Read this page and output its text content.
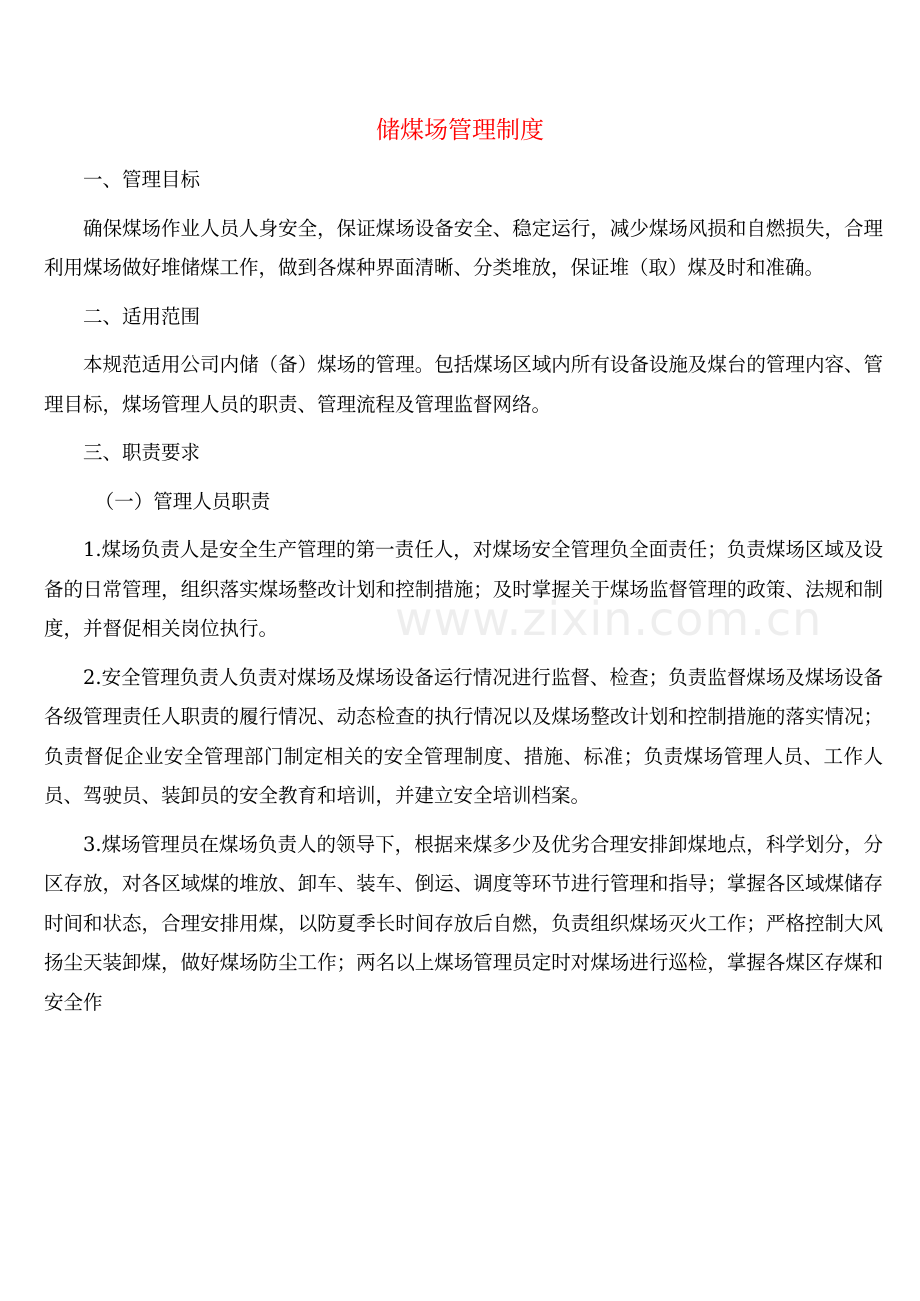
储煤场管理制度

一、管理目标

确保煤场作业人员人身安全，保证煤场设备安全、稳定运行，减少煤场风损和自燃损失，合理利用煤场做好堆储煤工作，做到各煤种界面清晰、分类堆放，保证堆（取）煤及时和准确。

二、适用范围

本规范适用公司内储（备）煤场的管理。包括煤场区域内所有设备设施及煤台的管理内容、管理目标，煤场管理人员的职责、管理流程及管理监督网络。

三、职责要求

（一）管理人员职责

1.煤场负责人是安全生产管理的第一责任人，对煤场安全管理负全面责任；负责煤场区域及设备的日常管理，组织落实煤场整改计划和控制措施；及时掌握关于煤场监督管理的政策、法规和制度，并督促相关岗位执行。

2.安全管理负责人负责对煤场及煤场设备运行情况进行监督、检查；负责监督煤场及煤场设备各级管理责任人职责的履行情况、动态检查的执行情况以及煤场整改计划和控制措施的落实情况；负责督促企业安全管理部门制定相关的安全管理制度、措施、标准；负责煤场管理人员、工作人员、驾驶员、装卸员的安全教育和培训，并建立安全培训档案。

3.煤场管理员在煤场负责人的领导下，根据来煤多少及优劣合理安排卸煤地点，科学划分，分区存放，对各区域煤的堆放、卸车、装车、倒运、调度等环节进行管理和指导；掌握各区域煤储存时间和状态，合理安排用煤，以防夏季长时间存放后自燃，负责组织煤场灭火工作；严格控制大风扬尘天装卸煤，做好煤场防尘工作；两名以上煤场管理员定时对煤场进行巡检，掌握各煤区存煤和安全作

www.zixin.com.cn
